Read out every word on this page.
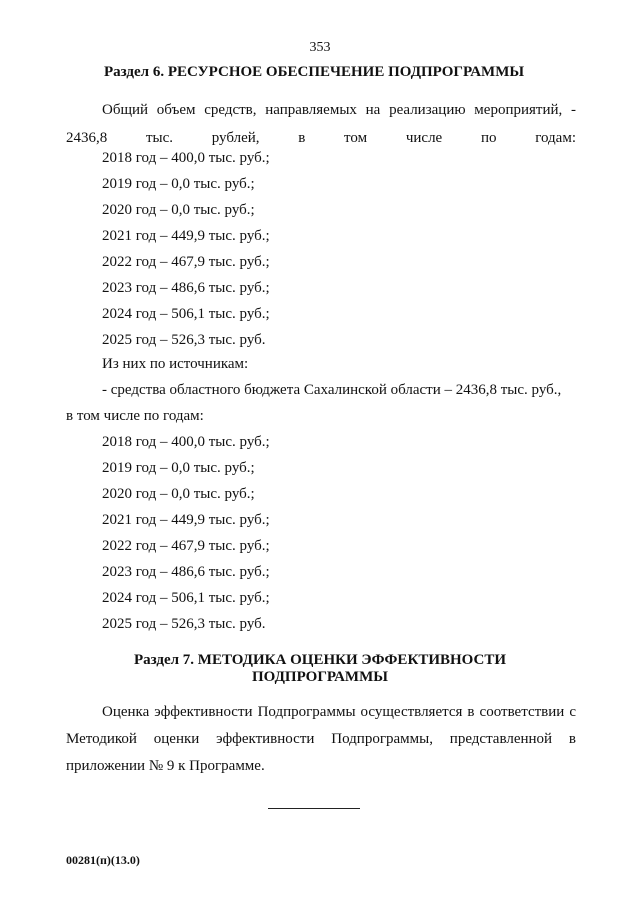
353
Раздел 6. РЕСУРСНОЕ ОБЕСПЕЧЕНИЕ ПОДПРОГРАММЫ
Общий объем средств, направляемых на реализацию мероприятий, - 2436,8 тыс. рублей, в том числе по годам:
2018 год – 400,0 тыс. руб.;
2019 год – 0,0 тыс. руб.;
2020 год – 0,0 тыс. руб.;
2021 год – 449,9 тыс. руб.;
2022 год – 467,9 тыс. руб.;
2023 год – 486,6 тыс. руб.;
2024 год – 506,1 тыс. руб.;
2025 год – 526,3 тыс. руб.
Из них по источникам:
- средства областного бюджета Сахалинской области – 2436,8 тыс. руб.,
в том числе по годам:
2018 год – 400,0 тыс. руб.;
2019 год – 0,0 тыс. руб.;
2020 год – 0,0 тыс. руб.;
2021 год – 449,9 тыс. руб.;
2022 год – 467,9 тыс. руб.;
2023 год – 486,6 тыс. руб.;
2024 год – 506,1 тыс. руб.;
2025 год – 526,3 тыс. руб.
Раздел 7. МЕТОДИКА ОЦЕНКИ ЭФФЕКТИВНОСТИ
ПОДПРОГРАММЫ
Оценка эффективности Подпрограммы осуществляется в соответствии с Методикой оценки эффективности Подпрограммы, представленной в приложении № 9 к Программе.
00281(п)(13.0)
